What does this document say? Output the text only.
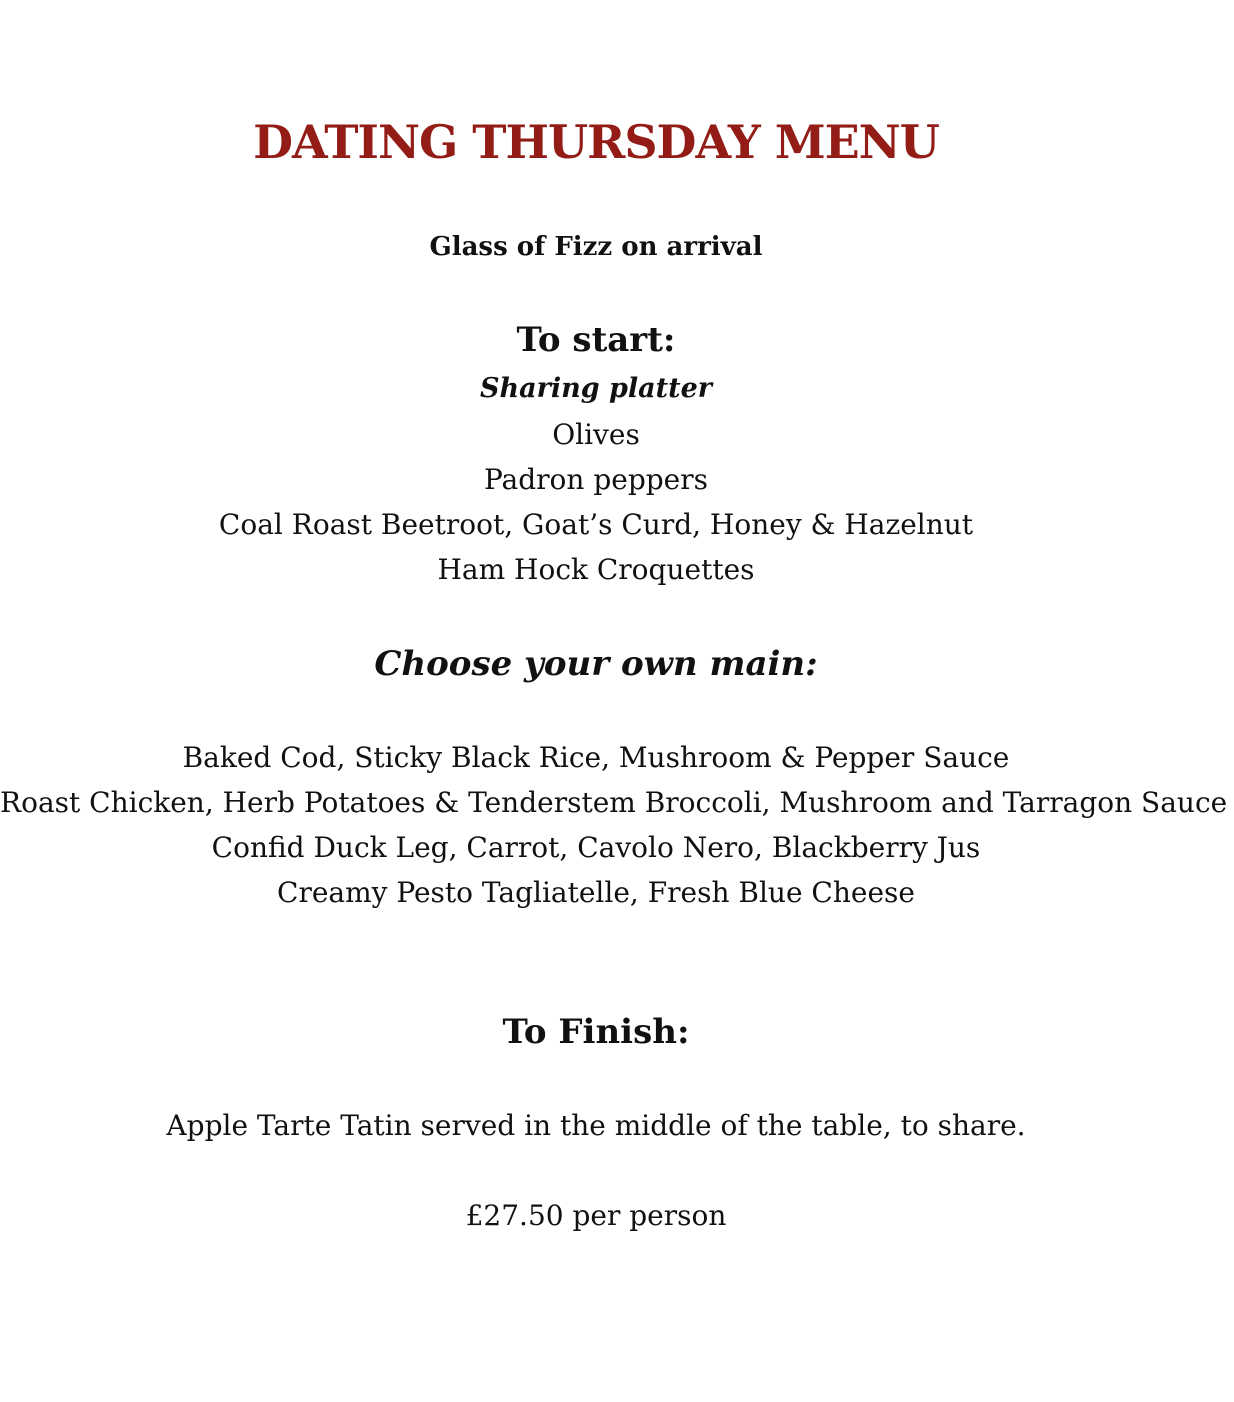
DATING THURSDAY MENU
Glass of Fizz on arrival
To start:
Sharing platter
Olives
Padron peppers
Coal Roast Beetroot, Goat’s Curd, Honey & Hazelnut
Ham Hock Croquettes
Choose your own main:
Baked Cod, Sticky Black Rice, Mushroom & Pepper Sauce
Roast Chicken, Herb Potatoes & Tenderstem Broccoli, Mushroom and Tarragon Sauce
Confid Duck Leg, Carrot, Cavolo Nero, Blackberry Jus
Creamy Pesto Tagliatelle, Fresh Blue Cheese
To Finish:
Apple Tarte Tatin served in the middle of the table, to share.
£27.50 per person
